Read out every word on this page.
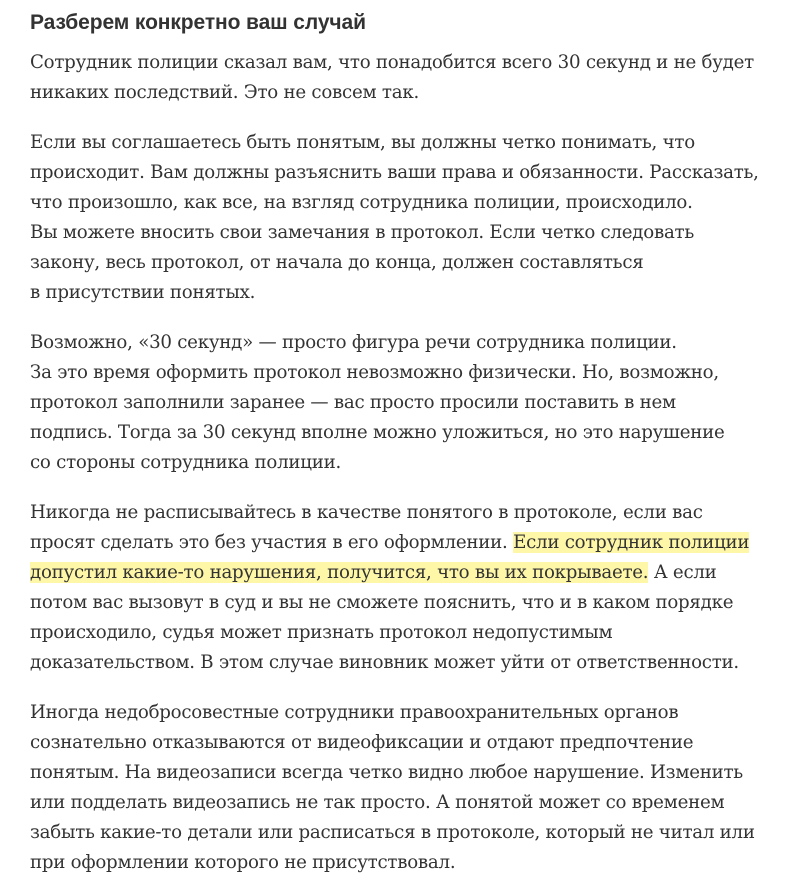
Разберем конкретно ваш случай

Сотрудник полиции сказал вам, что понадобится всего 30 секунд и не будет
никаких последствий. Это не совсем так.

Если вы соглашаетесь быть понятым, вы должны четко понимать, что
происходит. Вам должны разъяснить ваши права и обязанности. Рассказать,
что произошло, как все, на взгляд сотрудника полиции, происходило.
Вы можете вносить свои замечания в протокол. Если четко следовать
закону, весь протокол, от начала до конца, должен составляться
в присутствии понятых.

Возможно, «30 секунд» — просто фигура речи сотрудника полиции.
За это время оформить протокол невозможно физически. Но, возможно,
протокол заполнили заранее — вас просто просили поставить в нем
подпись. Тогда за 30 секунд вполне можно уложиться, но это нарушение
со стороны сотрудника полиции.

Никогда не расписывайтесь в качестве понятого в протоколе, если вас
просят сделать это без участия в его оформлении. Если сотрудник полиции
допустил какие-то нарушения, получится, что вы их покрываете. А если
потом вас вызовут в суд и вы не сможете пояснить, что и в каком порядке
происходило, судья может признать протокол недопустимым
доказательством. В этом случае виновник может уйти от ответственности.

Иногда недобросовестные сотрудники правоохранительных органов
сознательно отказываются от видеофиксации и отдают предпочтение
понятым. На видеозаписи всегда четко видно любое нарушение. Изменить
или подделать видеозапись не так просто. А понятой может со временем
забыть какие-то детали или расписаться в протоколе, который не читал или
при оформлении которого не присутствовал.
